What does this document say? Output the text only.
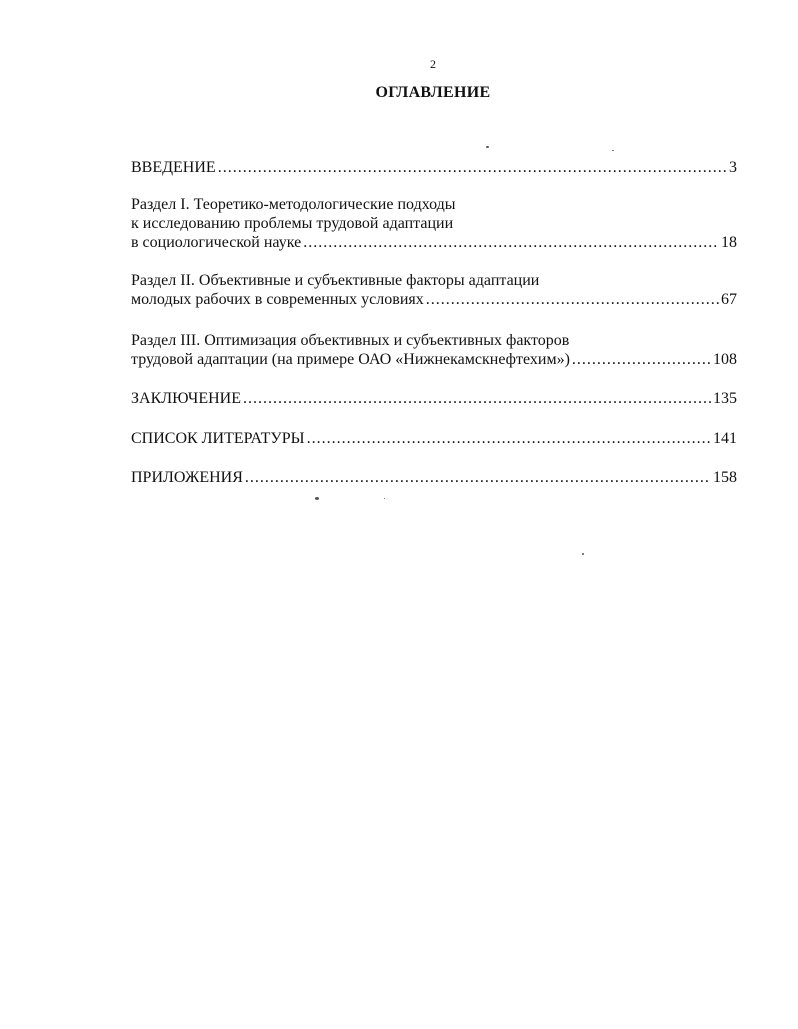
2
ОГЛАВЛЕНИЕ
ВВЕДЕНИЕ .....	3
Раздел I. Теоретико-методологические подходы
к исследованию проблемы трудовой адаптации
в социологической науке .....	18
Раздел II. Объективные и субъективные факторы адаптации
молодых рабочих в современных условиях .....	67
Раздел III. Оптимизация объективных и субъективных факторов
трудовой адаптации (на примере ОАО «Нижнекамскнефтехим») .....	108
ЗАКЛЮЧЕНИЕ .....	135
СПИСОК ЛИТЕРАТУРЫ .....	141
ПРИЛОЖЕНИЯ .....	158
